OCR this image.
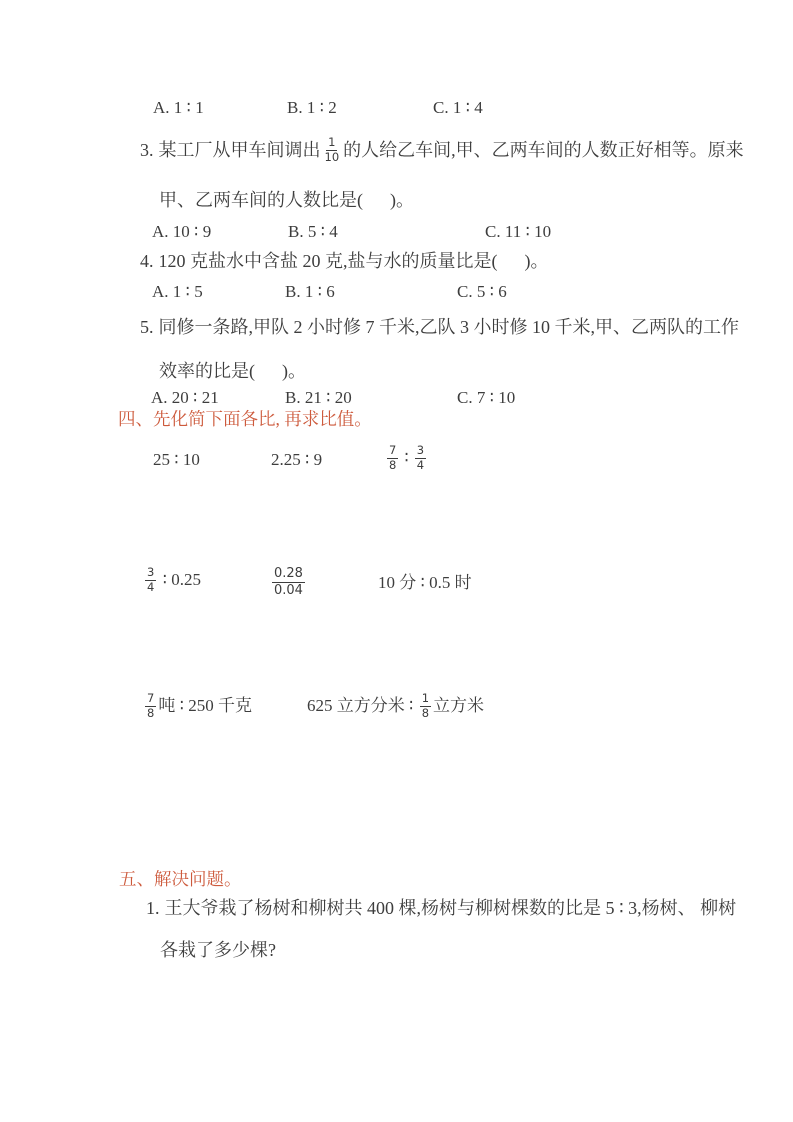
A. 1 ∶ 1	B. 1 ∶ 2	C. 1 ∶ 4
3. 某工厂从甲车间调出 $\frac{1}{10}$ 的人给乙车间,甲、乙两车间的人数正好相等。原来
甲、乙两车间的人数比是(      )。
A. 10 ∶ 9	B. 5 ∶ 4	C. 11 ∶ 10
4. 120 克盐水中含盐 20 克,盐与水的质量比是(      )。
A. 1 ∶ 5	B. 1 ∶ 6	C. 5 ∶ 6
5. 同修一条路,甲队 2 小时修 7 千米,乙队 3 小时修 10 千米,甲、乙两队的工作
效率的比是(      )。
A. 20 ∶ 21	B. 21 ∶ 20	C. 7 ∶ 10
四、先化简下面各比, 再求比值。
25 ∶ 10	2.25 ∶ 9	$\frac{7}{8}$ ∶ $\frac{3}{4}$
$\frac{3}{4}$ ∶ 0.25	$\frac{0.28}{0.04}$	10 分 ∶ 0.5 时
$\frac{7}{8}$ 吨 ∶ 250 千克	625 立方分米 ∶ $\frac{1}{8}$ 立方米
五、解决问题。
1. 王大爷栽了杨树和柳树共 400 棵,杨树与柳树棵数的比是 5 ∶ 3,杨树、 柳树
各栽了多少棵?
